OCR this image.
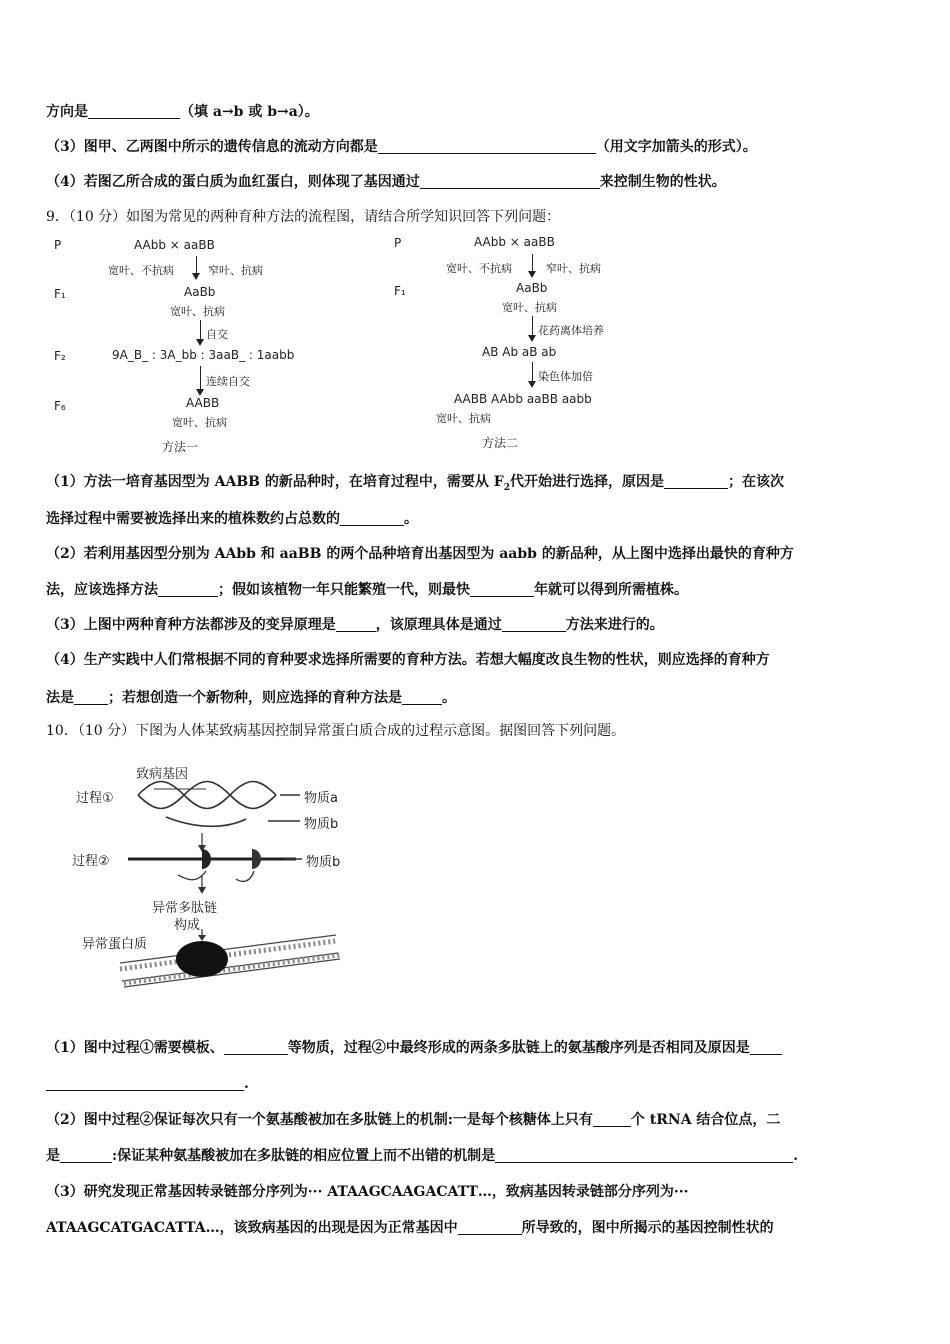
方向是	（填 a→b 或 b→a）。
（3）图甲、乙两图中所示的遗传信息的流动方向都是	（用文字加箭头的形式）。
（4）若图乙所合成的蛋白质为血红蛋白，则体现了基因通过	来控制生物的性状。
9．（10 分）如图为常见的两种育种方法的流程图，请结合所学知识回答下列问题：
P	AAbb × aaBB
宽叶、不抗病	窄叶、抗病
F₁	AaBb
宽叶、抗病
自交
F₂	9A_B_ : 3A_bb : 3aaB_ : 1aabb
连续自交
F₆	AABB
宽叶、抗病
方法一
P	AAbb × aaBB
宽叶、不抗病	窄叶、抗病
F₁	AaBb
宽叶、抗病
花药离体培养
AB Ab aB ab
染色体加倍
AABB AAbb aaBB aabb
宽叶、抗病
方法二
（1）方法一培育基因型为 AABB 的新品种时，在培育过程中，需要从 $F_2$代开始进行选择，原因是	；在该次
选择过程中需要被选择出来的植株数约占总数的	。
（2）若利用基因型分别为 AAbb 和 aaBB 的两个品种培育出基因型为 aabb 的新品种，从上图中选择出最快的育种方
法，应该选择方法	；假如该植物一年只能繁殖一代，则最快	年就可以得到所需植株。
（3）上图中两种育种方法都涉及的变异原理是	，该原理具体是通过	方法来进行的。
（4）生产实践中人们常根据不同的育种要求选择所需要的育种方法。若想大幅度改良生物的性状，则应选择的育种方
法是 ；若想创造一个新物种，则应选择的育种方法是	。
10．（10 分）下图为人体某致病基因控制异常蛋白质合成的过程示意图。据图回答下列问题。
致病基因
过程①	物质a
物质b
过程②	物质b
异常多肽链
构成
异常蛋白质
（1）图中过程①需要模板、	等物质，过程②中最终形成的两条多肽链上的氨基酸序列是否相同及原因是
.
（2）图中过程②保证每次只有一个氨基酸被加在多肽链上的机制:一是每个核糖体上只有	个 tRNA 结合位点，二
是	:保证某种氨基酸被加在多肽链的相应位置上而不出错的机制是	.
（3）研究发现正常基因转录链部分序列为··· ATAAGCAAGACATT…，致病基因转录链部分序列为···
ATAAGCATGACATTA…，该致病基因的出现是因为正常基因中	所导致的，图中所揭示的基因控制性状的
